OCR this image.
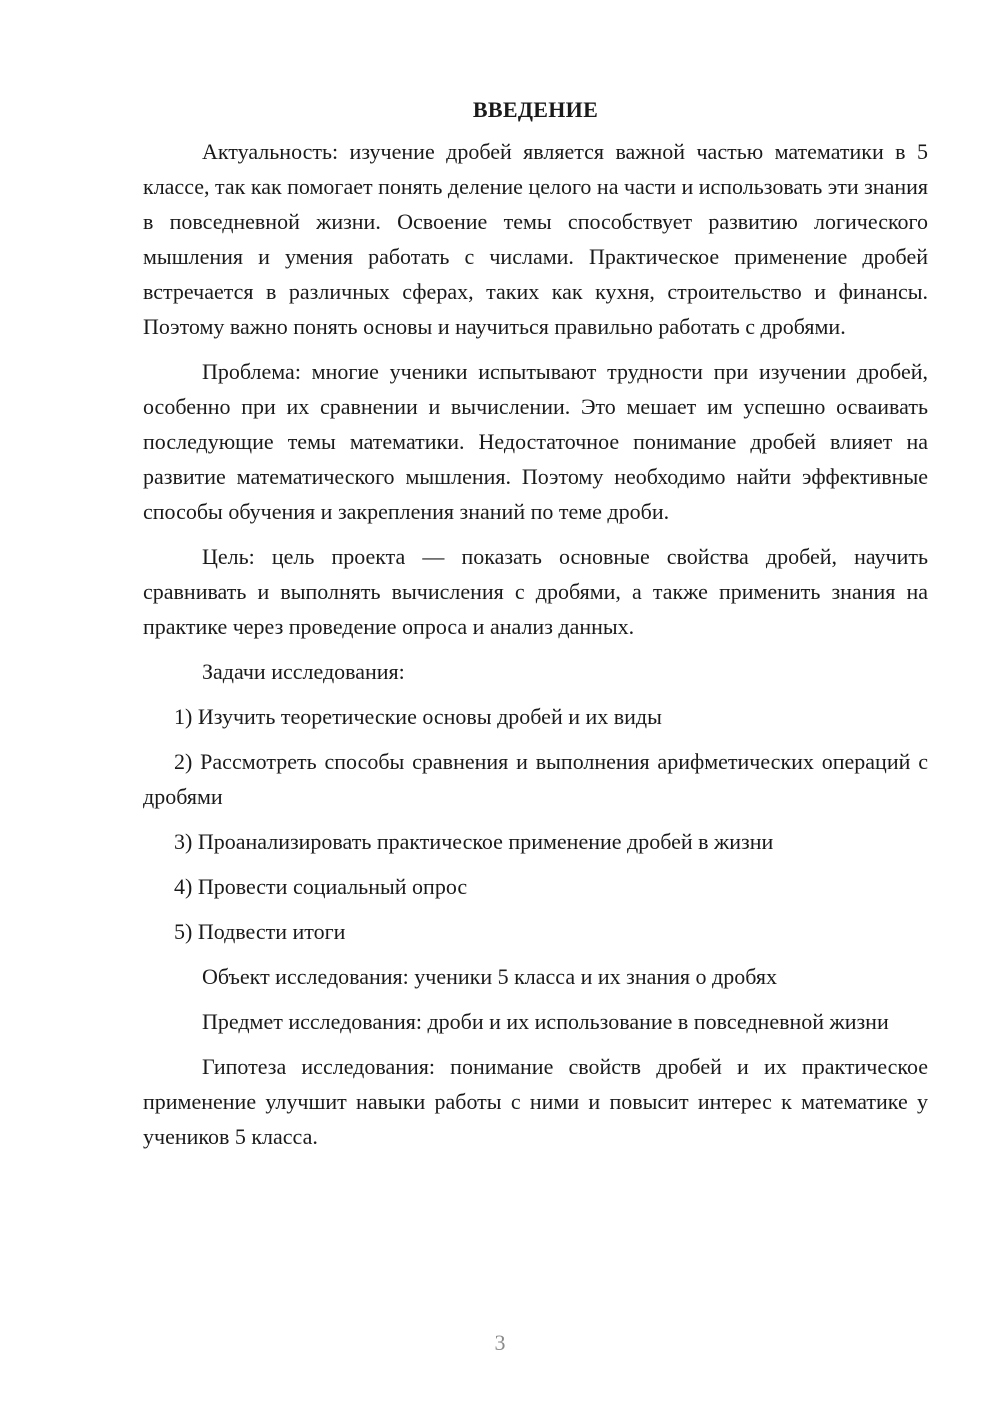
ВВЕДЕНИЕ

Актуальность: изучение дробей является важной частью математики в 5 классе, так как помогает понять деление целого на части и использовать эти знания в повседневной жизни. Освоение темы способствует развитию логического мышления и умения работать с числами. Практическое применение дробей встречается в различных сферах, таких как кухня, строительство и финансы. Поэтому важно понять основы и научиться правильно работать с дробями.

Проблема: многие ученики испытывают трудности при изучении дробей, особенно при их сравнении и вычислении. Это мешает им успешно осваивать последующие темы математики. Недостаточное понимание дробей влияет на развитие математического мышления. Поэтому необходимо найти эффективные способы обучения и закрепления знаний по теме дроби.

Цель: цель проекта — показать основные свойства дробей, научить сравнивать и выполнять вычисления с дробями, а также применить знания на практике через проведение опроса и анализ данных.

Задачи исследования:

1) Изучить теоретические основы дробей и их виды

2) Рассмотреть способы сравнения и выполнения арифметических операций с дробями

3) Проанализировать практическое применение дробей в жизни

4) Провести социальный опрос

5) Подвести итоги

Объект исследования: ученики 5 класса и их знания о дробях

Предмет исследования: дроби и их использование в повседневной жизни

Гипотеза исследования: понимание свойств дробей и их практическое применение улучшит навыки работы с ними и повысит интерес к математике у учеников 5 класса.

3
